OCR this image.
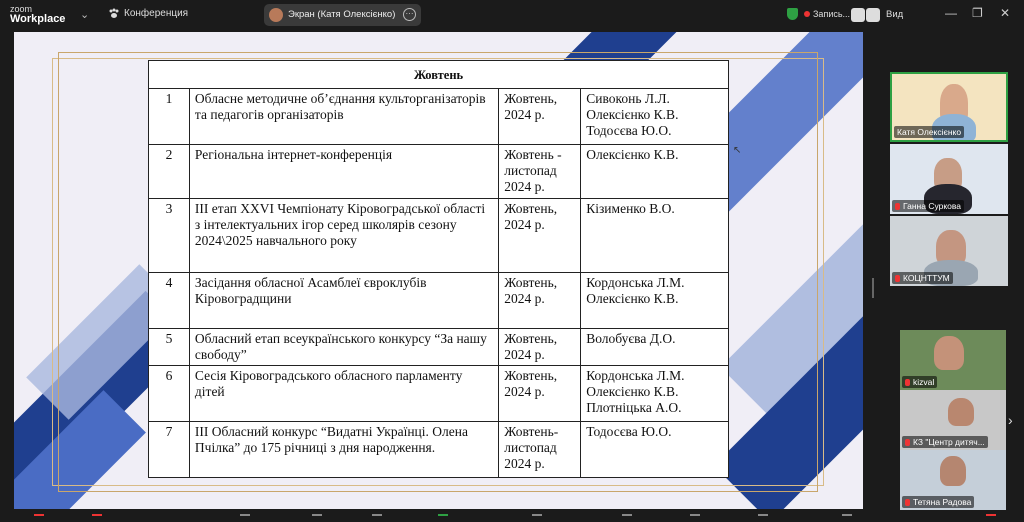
zoom
Workplace ⌄	Конференция	Экран (Катя Олексієнко)	···	Запись...	Вид	— ❐ ✕
Жовтень			
1	Обласне методичне об’єднання культорганізаторів та педагогів організаторів	Жовтень, 2024 р.	Сивоконь Л.Л. Олексієнко К.В. Тодосєва Ю.О.
2	Регіональна інтернет-конференція	Жовтень - листопад 2024 р.	Олексієнко К.В.
3	ІІІ етап XXVI Чемпіонату Кіровоградської області з інтелектуальних ігор серед школярів сезону 2024\2025 навчального року	Жовтень, 2024 р.	Кізименко В.О.
4	Засідання обласної Асамблеї євроклубів Кіровоградщини	Жовтень, 2024 р.	Кордонська Л.М. Олексієнко К.В.
5	Обласний етап всеукраїнського конкурсу “За нашу свободу”	Жовтень, 2024 р.	Волобуєва Д.О.
6	Сесія Кіровоградського обласного парламенту дітей	Жовтень, 2024 р.	Кордонська Л.М. Олексієнко К.В. Плотніцька А.О.
7	ІІІ Обласний конкурс “Видатні Українці. Олена Пчілка” до 175 річниці з дня народження.	Жовтень- листопад 2024 р.	Тодосєва Ю.О.
↖
Катя Олексієнко
Ганна Суркова
КОЦНТТУМ
kizval
КЗ "Центр дитяч...
Тетяна Радова
›
